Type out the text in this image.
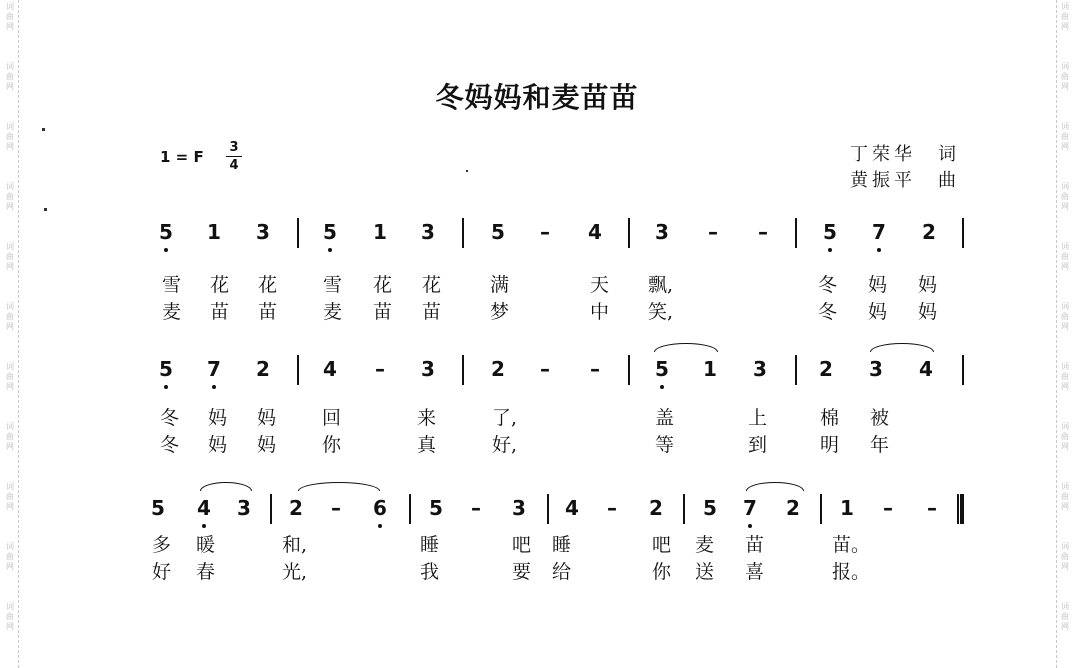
词
曲
网
词
曲
网
词
曲
网
词
曲
网
词
曲
网
词
曲
网
词
曲
网
词
曲
网
词
曲
网
词
曲
网
词
曲
网
词
曲
网
词
曲
网
词
曲
网
词
曲
网
词
曲
网
词
曲
网
词
曲
网
词
曲
网
词
曲
网
词
曲
网
词
曲
网
冬妈妈和麦苗苗
1 = F
3
4
丁荣华　词
黄振平　曲
5 1 3	5 1 3	5 – 4	3 – –	5 7 2
雪 花 花 雪 花 花	满	天 飘,	冬 妈 妈
麦 苗 苗 麦 苗 苗	梦	中 笑,	冬 妈 妈
5 7 2	4 – 3	2 – –	5 1 3	2 3 4
冬 妈 妈 回	来	了,	盖	上	棉 被
冬 妈 妈 你	真	好,	等	到	明 年
5 4 3 2 – 6 5 – 3 4 – 2 5 7 2 1 – –
多 暖	和,	睡	吧 睡	吧 麦 苗	苗。
好 春	光,	我	要 给	你 送 喜	报。
